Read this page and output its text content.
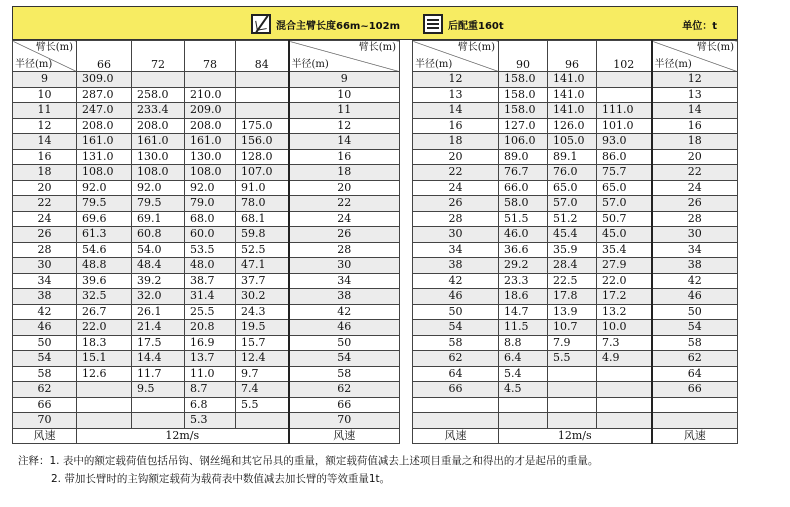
混合主臂长度66m~102m	后配重160t	单位：t
臂长(m)
半径(m)	66	72	78	84	臂长(m)
半径(m)

9	309.0				9
10	287.0	258.0	210.0		10
11	247.0	233.4	209.0		11
12	208.0	208.0	208.0	175.0	12
14	161.0	161.0	161.0	156.0	14
16	131.0	130.0	130.0	128.0	16
18	108.0	108.0	108.0	107.0	18
20	92.0	92.0	92.0	91.0	20
22	79.5	79.5	79.0	78.0	22
24	69.6	69.1	68.0	68.1	24
26	61.3	60.8	60.0	59.8	26
28	54.6	54.0	53.5	52.5	28
30	48.8	48.4	48.0	47.1	30
34	39.6	39.2	38.7	37.7	34
38	32.5	32.0	31.4	30.2	38
42	26.7	26.1	25.5	24.3	42
46	22.0	21.4	20.8	19.5	46
50	18.3	17.5	16.9	15.7	50
54	15.1	14.4	13.7	12.4	54
58	12.6	11.7	11.0	9.7	58
62		9.5	8.7	7.4	62
66			6.8	5.5	66
70			5.3		70
风速	12m/s				风速
臂长(m)
半径(m)	90	96	102	臂长(m)
半径(m)

12	158.0	141.0		12
13	158.0	141.0		13
14	158.0	141.0	111.0	14
16	127.0	126.0	101.0	16
18	106.0	105.0	93.0	18
20	89.0	89.1	86.0	20
22	76.7	76.0	75.7	22
24	66.0	65.0	65.0	24
26	58.0	57.0	57.0	26
28	51.5	51.2	50.7	28
30	46.0	45.4	45.0	30
34	36.6	35.9	35.4	34
38	29.2	28.4	27.9	38
42	23.3	22.5	22.0	42
46	18.6	17.8	17.2	46
50	14.7	13.9	13.2	50
54	11.5	10.7	10.0	54
58	8.8	7.9	7.3	58
62	6.4	5.5	4.9	62
64	5.4			64
66	4.5			66

风速	12m/s			风速
注释：1. 表中的额定载荷值包括吊钩、钢丝绳和其它吊具的重量，额定载荷值减去上述项目重量之和得出的才是起吊的重量。
2. 带加长臂时的主钩额定载荷为载荷表中数值减去加长臂的等效重量1t。
